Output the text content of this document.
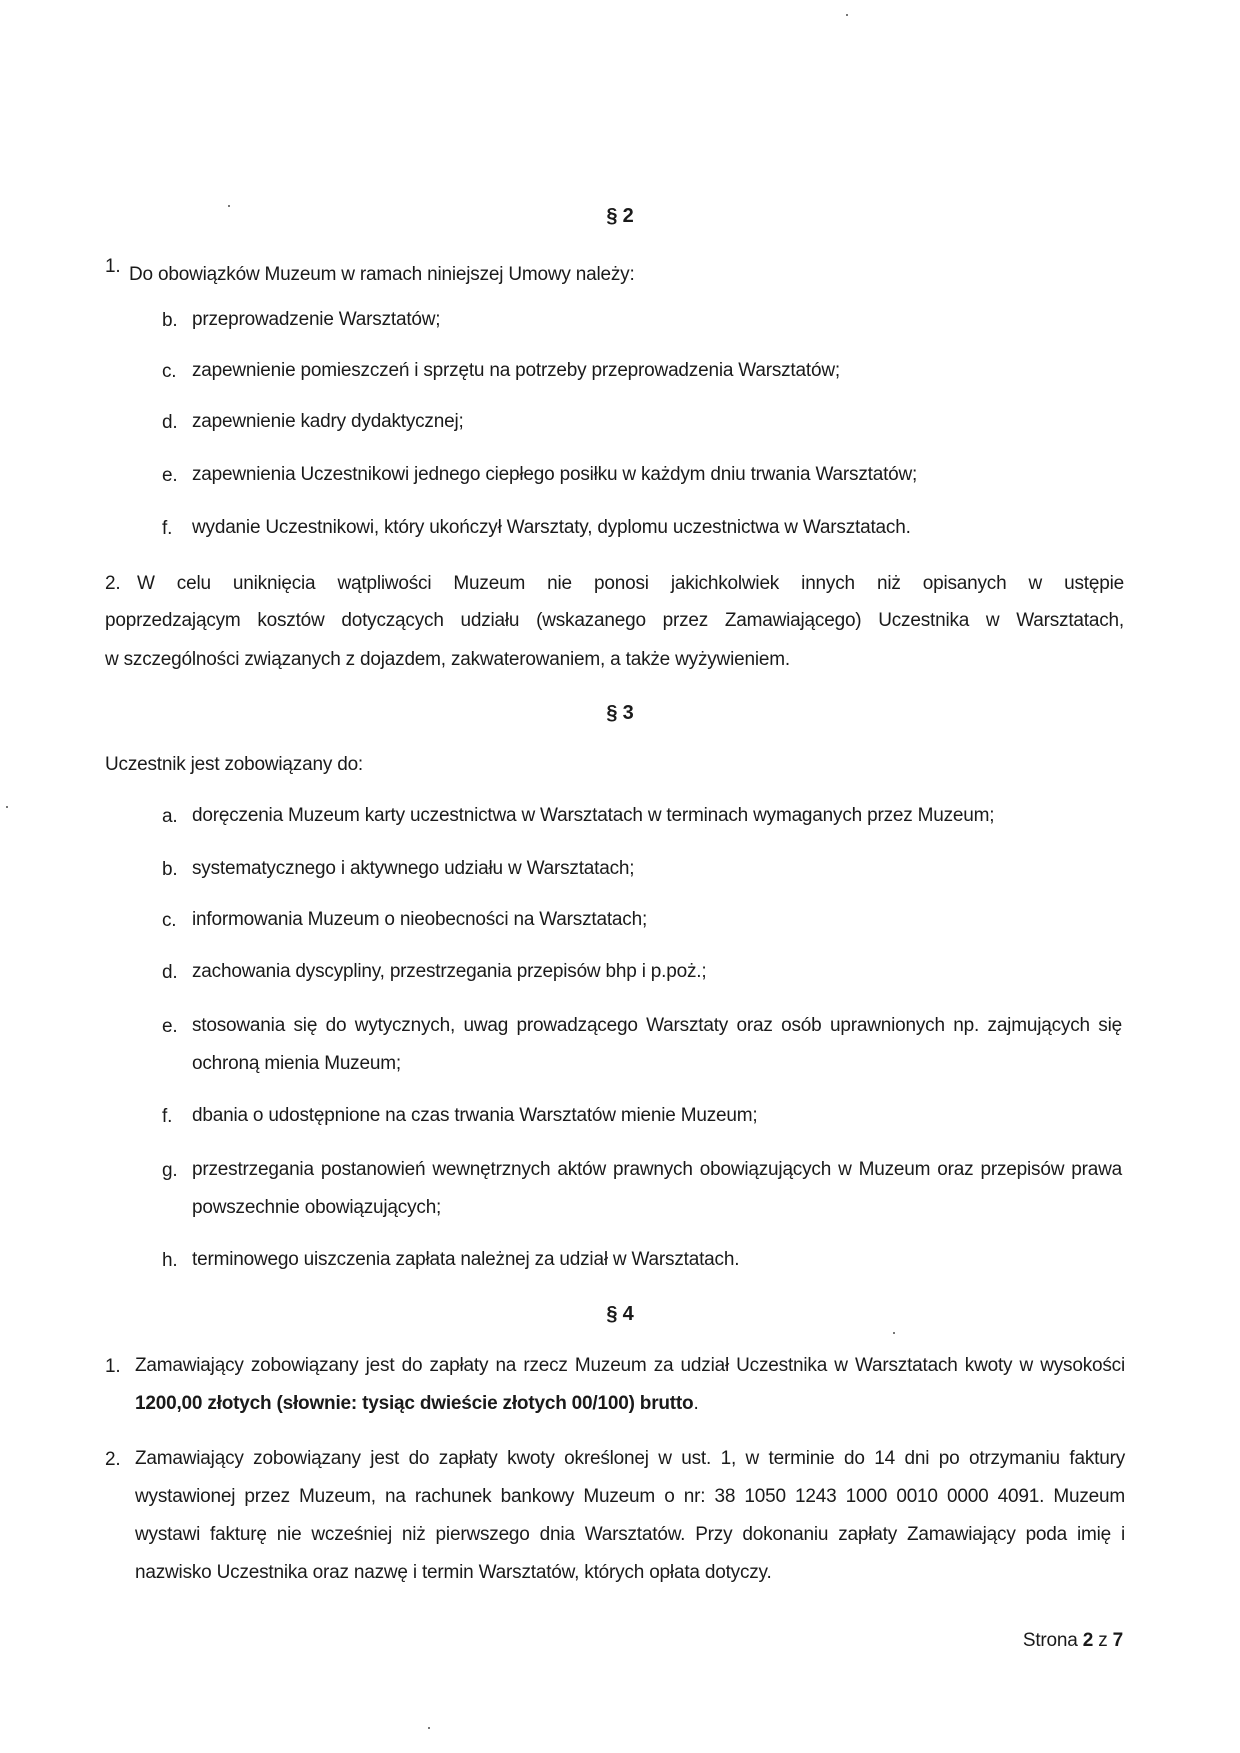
§ 2
1. Do obowiązków Muzeum w ramach niniejszej Umowy należy:
b. przeprowadzenie Warsztatów;
c. zapewnienie pomieszczeń i sprzętu na potrzeby przeprowadzenia Warsztatów;
d. zapewnienie kadry dydaktycznej;
e. zapewnienia Uczestnikowi jednego ciepłego posiłku w każdym dniu trwania Warsztatów;
f. wydanie Uczestnikowi, który ukończył Warsztaty, dyplomu uczestnictwa w Warsztatach.
2. W celu uniknięcia wątpliwości Muzeum nie ponosi jakichkolwiek innych niż opisanych w ustępie
poprzedzającym kosztów dotyczących udziału (wskazanego przez Zamawiającego) Uczestnika w Warsztatach,
w szczególności związanych z dojazdem, zakwaterowaniem, a także wyżywieniem.
§ 3
Uczestnik jest zobowiązany do:
a. doręczenia Muzeum karty uczestnictwa w Warsztatach w terminach wymaganych przez Muzeum;
b. systematycznego i aktywnego udziału w Warsztatach;
c. informowania Muzeum o nieobecności na Warsztatach;
d. zachowania dyscypliny, przestrzegania przepisów bhp i p.poż.;
e. stosowania się do wytycznych, uwag prowadzącego Warsztaty oraz osób uprawnionych np. zajmujących się ochroną mienia Muzeum;
f. dbania o udostępnione na czas trwania Warsztatów mienie Muzeum;
g. przestrzegania postanowień wewnętrznych aktów prawnych obowiązujących w Muzeum oraz przepisów prawa powszechnie obowiązujących;
h. terminowego uiszczenia zapłata należnej za udział w Warsztatach.
§ 4
1. Zamawiający zobowiązany jest do zapłaty na rzecz Muzeum za udział Uczestnika w Warsztatach kwoty w wysokości 1200,00 złotych (słownie: tysiąc dwieście złotych 00/100) brutto.
2. Zamawiający zobowiązany jest do zapłaty kwoty określonej w ust. 1, w terminie do 14 dni po otrzymaniu faktury wystawionej przez Muzeum, na rachunek bankowy Muzeum o nr: 38 1050 1243 1000 0010 0000 4091. Muzeum wystawi fakturę nie wcześniej niż pierwszego dnia Warsztatów. Przy dokonaniu zapłaty Zamawiający poda imię i nazwisko Uczestnika oraz nazwę i termin Warsztatów, których opłata dotyczy.
Strona 2 z 7
